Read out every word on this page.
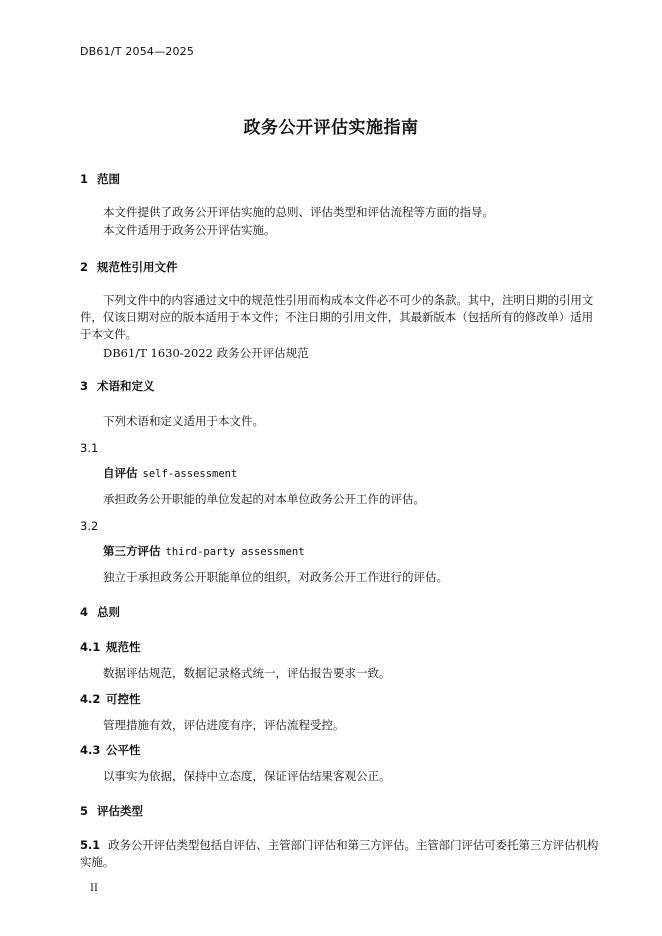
DB61/T 2054—2025
政务公开评估实施指南
1 范围
本文件提供了政务公开评估实施的总则、评估类型和评估流程等方面的指导。
本文件适用于政务公开评估实施。
2 规范性引用文件
下列文件中的内容通过文中的规范性引用而构成本文件必不可少的条款。其中，注明日期的引用文件，仅该日期对应的版本适用于本文件；不注日期的引用文件，其最新版本（包括所有的修改单）适用于本文件。
DB61/T 1630-2022 政务公开评估规范
3 术语和定义
下列术语和定义适用于本文件。
3.1
自评估 self-assessment
承担政务公开职能的单位发起的对本单位政务公开工作的评估。
3.2
第三方评估 third-party assessment
独立于承担政务公开职能单位的组织，对政务公开工作进行的评估。
4 总则
4.1 规范性
数据评估规范，数据记录格式统一，评估报告要求一致。
4.2 可控性
管理措施有效，评估进度有序，评估流程受控。
4.3 公平性
以事实为依据，保持中立态度，保证评估结果客观公正。
5 评估类型
5.1 政务公开评估类型包括自评估、主管部门评估和第三方评估。主管部门评估可委托第三方评估机构实施。
II
